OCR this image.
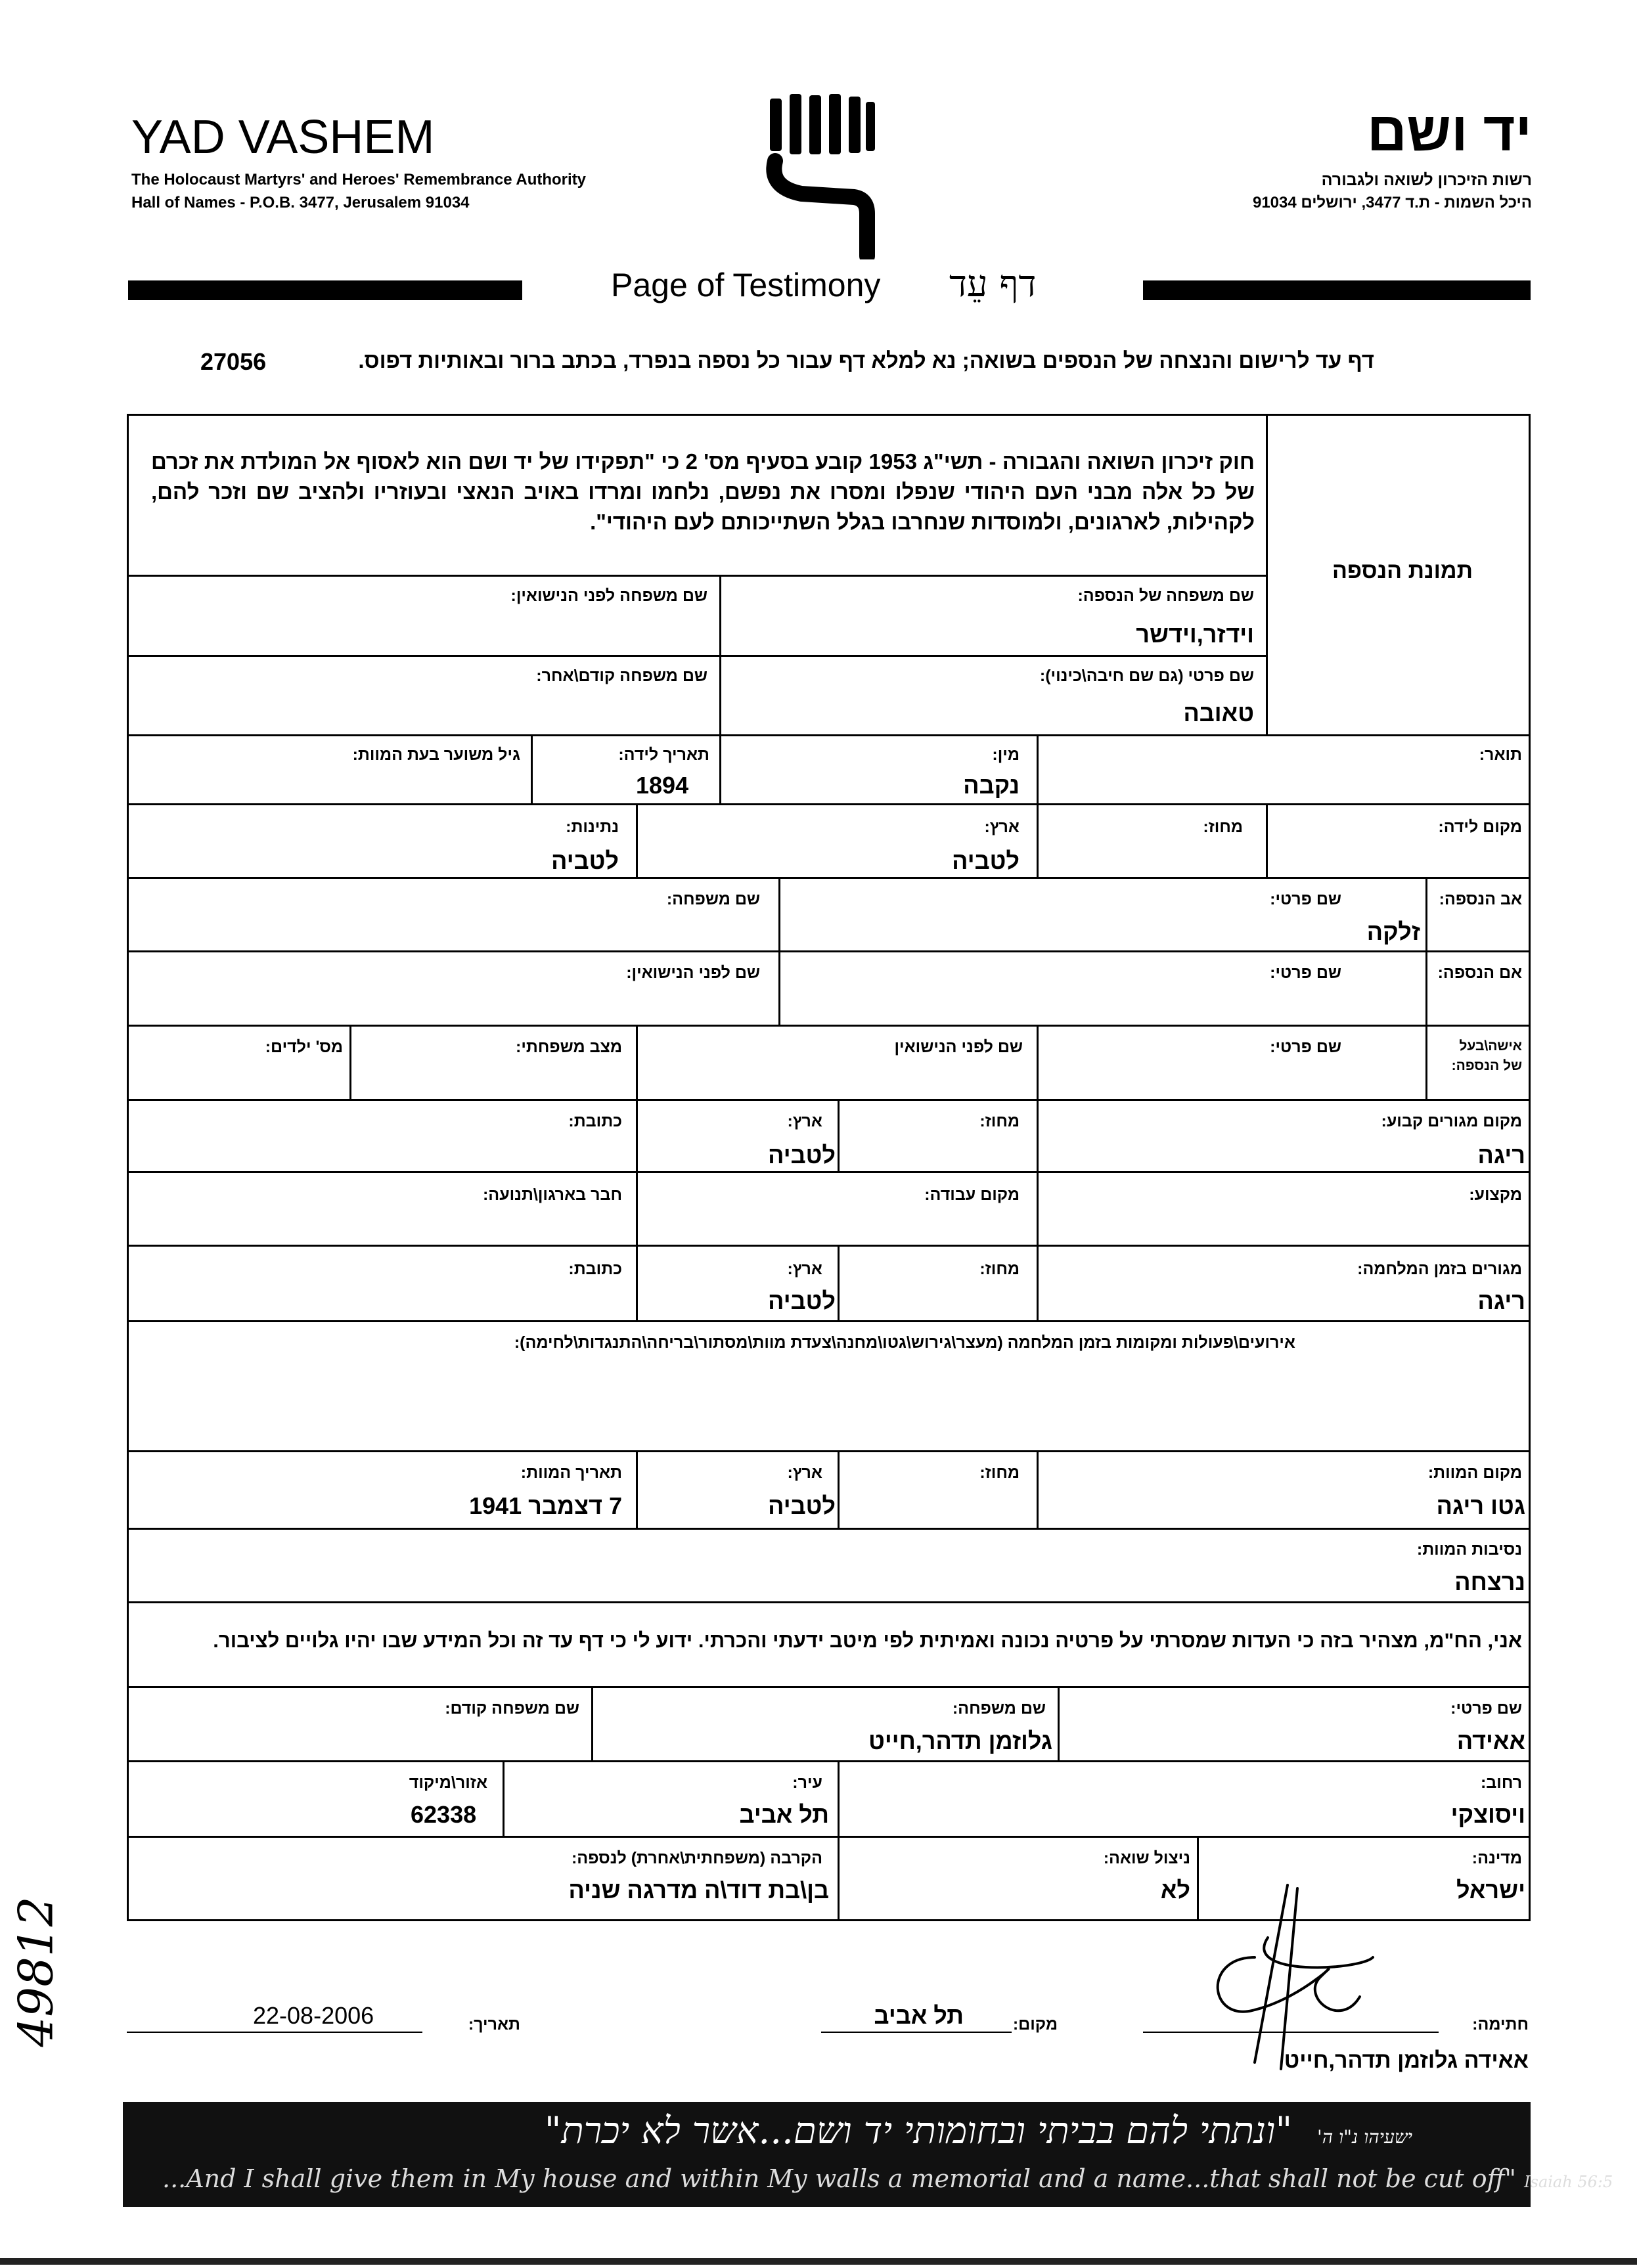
YAD VASHEM
The Holocaust Martyrs' and Heroes' Remembrance Authority
Hall of Names - P.O.B. 3477, Jerusalem 91034
יד ושם
רשות הזיכרון לשואה ולגבורה
היכל השמות - ת.ד 3477, ירושלים 91034
Page of Testimony דף עֵד
דף עד לרישום והנצחה של הנספים בשואה; נא למלא דף עבור כל נספה בנפרד, בכתב ברור ובאותיות דפוס.
27056
חוק זיכרון השואה והגבורה - תשי"ג 1953 קובע בסעיף מס' 2 כי "תפקידו של יד ושם הוא לאסוף אל המולדת את זכרם של כל אלה מבני העם היהודי שנפלו ומסרו את נפשם, נלחמו ומרדו באויב הנאצי ובעוזריו ולהציב שם וזכר להם, לקהילות, לארגונים, ולמוסדות שנחרבו בגלל השתייכותם לעם היהודי".
תמונת הנספה
שם משפחה של הנספה:
וידזר,וידשר
שם משפחה לפני הנישואין:
שם פרטי (גם שם חיבה\כינוי):
טאובה
שם משפחה קודם\אחר:
תואר:
מין:
נקבה
תאריך לידה:
1894
גיל משוער בעת המוות:
מקום לידה:
מחוז:
ארץ:
לטביה
נתינות:
לטביה
אב הנספה:
שם פרטי:
זלקה
שם משפחה:
אם הנספה:
שם פרטי:
שם לפני הנישואין:
אישה\בעל
של הנספה:
שם פרטי:
שם לפני הנישואין
מצב משפחתי:
מס' ילדים:
מקום מגורים קבוע:
ריגה
מחוז:
ארץ:
לטביה
כתובת:
מקצוע:
מקום עבודה:
חבר בארגון\תנועה:
מגורים בזמן המלחמה:
ריגה
מחוז:
ארץ:
לטביה
כתובת:
אירועים\פעולות ומקומות בזמן המלחמה (מעצר\גירוש\גטו\מחנה\צעדת מוות\מסתור\בריחה\התנגדות\לחימה):
מקום המוות:
גטו ריגה
מחוז:
ארץ:
לטביה
תאריך המוות:
7 דצמבר 1941
נסיבות המוות:
נרצחה
אני, הח"מ, מצהיר בזה כי העדות שמסרתי על פרטיה נכונה ואמיתית לפי מיטב ידעתי והכרתי. ידוע לי כי דף עד זה וכל המידע שבו יהיו גלויים לציבור.
שם פרטי:
אאידה
שם משפחה:
גלוזמן תדהר,חייט
שם משפחה קודם:
רחוב:
ויסוצקי
עיר:
תל אביב
אזור\מיקוד
62338
מדינה:
ישראל
ניצול שואה:
לא
הקרבה (משפחתית\אחרת) לנספה:
בן\בת דוד\ה מדרגה שניה
חתימה:
אאידה גלוזמן תדהר,חייט
מקום:
תל אביב
תאריך:
22-08-2006
49812
ישעיהו נ"ו ה' "ונתתי להם בביתי ובחומותי יד ושם...אשר לא יכרת"
...And I shall give them in My house and within My walls a memorial and a name...that shall not be cut off" Isaiah 56:5
